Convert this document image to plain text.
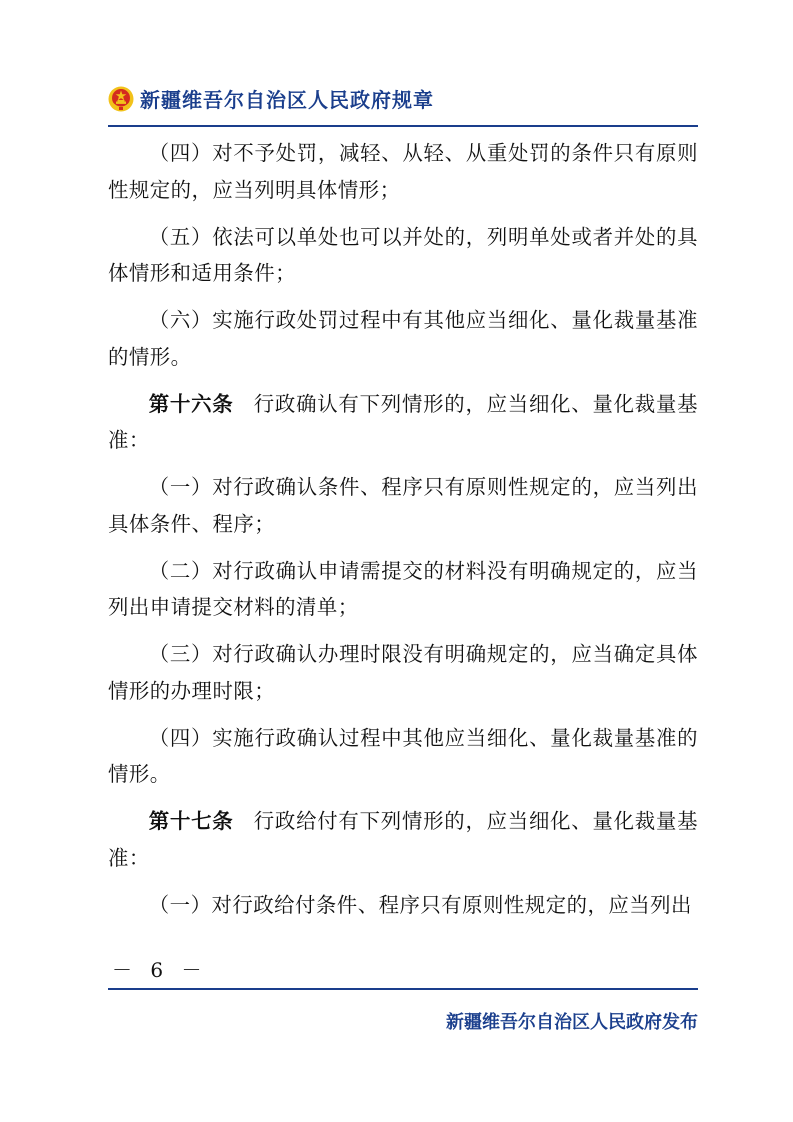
新疆维吾尔自治区人民政府规章

（四）对不予处罚，减轻、从轻、从重处罚的条件只有原则性规定的，应当列明具体情形；

（五）依法可以单处也可以并处的，列明单处或者并处的具体情形和适用条件；

（六）实施行政处罚过程中有其他应当细化、量化裁量基准的情形。

第十六条 行政确认有下列情形的，应当细化、量化裁量基准：

（一）对行政确认条件、程序只有原则性规定的，应当列出具体条件、程序；

（二）对行政确认申请需提交的材料没有明确规定的，应当列出申请提交材料的清单；

（三）对行政确认办理时限没有明确规定的，应当确定具体情形的办理时限；

（四）实施行政确认过程中其他应当细化、量化裁量基准的情形。

第十七条 行政给付有下列情形的，应当细化、量化裁量基准：

（一）对行政给付条件、程序只有原则性规定的，应当列出

－ 6 －
新疆维吾尔自治区人民政府发布
